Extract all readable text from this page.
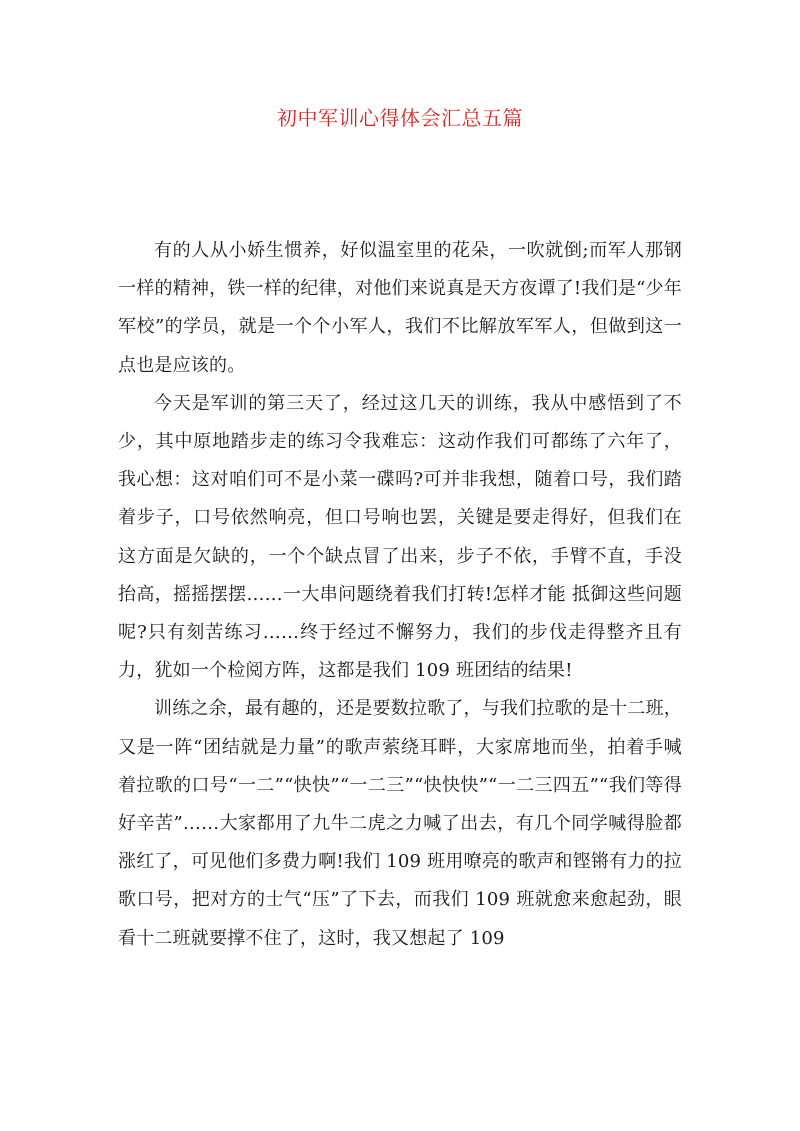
初中军训心得体会汇总五篇

有的人从小娇生惯养，好似温室里的花朵，一吹就倒;而军人那钢一样的精神，铁一样的纪律，对他们来说真是天方夜谭了!我们是“少年军校”的学员，就是一个个小军人，我们不比解放军军人，但做到这一点也是应该的。

今天是军训的第三天了，经过这几天的训练，我从中感悟到了不少，其中原地踏步走的练习令我难忘：这动作我们可都练了六年了，我心想：这对咱们可不是小菜一碟吗?可并非我想，随着口号，我们踏着步子，口号依然响亮，但口号响也罢，关键是要走得好，但我们在这方面是欠缺的，一个个缺点冒了出来，步子不依，手臂不直，手没抬高，摇摇摆摆……一大串问题绕着我们打转!怎样才能 抵御这些问题呢?只有刻苦练习……终于经过不懈努力，我们的步伐走得整齐且有力，犹如一个检阅方阵，这都是我们 109 班团结的结果!

训练之余，最有趣的，还是要数拉歌了，与我们拉歌的是十二班，又是一阵“团结就是力量”的歌声萦绕耳畔，大家席地而坐，拍着手喊着拉歌的口号“一二”“快快”“一二三”“快快快”“一二三四五”“我们等得好辛苦”……大家都用了九牛二虎之力喊了出去，有几个同学喊得脸都涨红了，可见他们多费力啊!我们 109 班用嘹亮的歌声和铿锵有力的拉歌口号，把对方的士气“压”了下去，而我们 109 班就愈来愈起劲，眼看十二班就要撑不住了，这时，我又想起了 109
